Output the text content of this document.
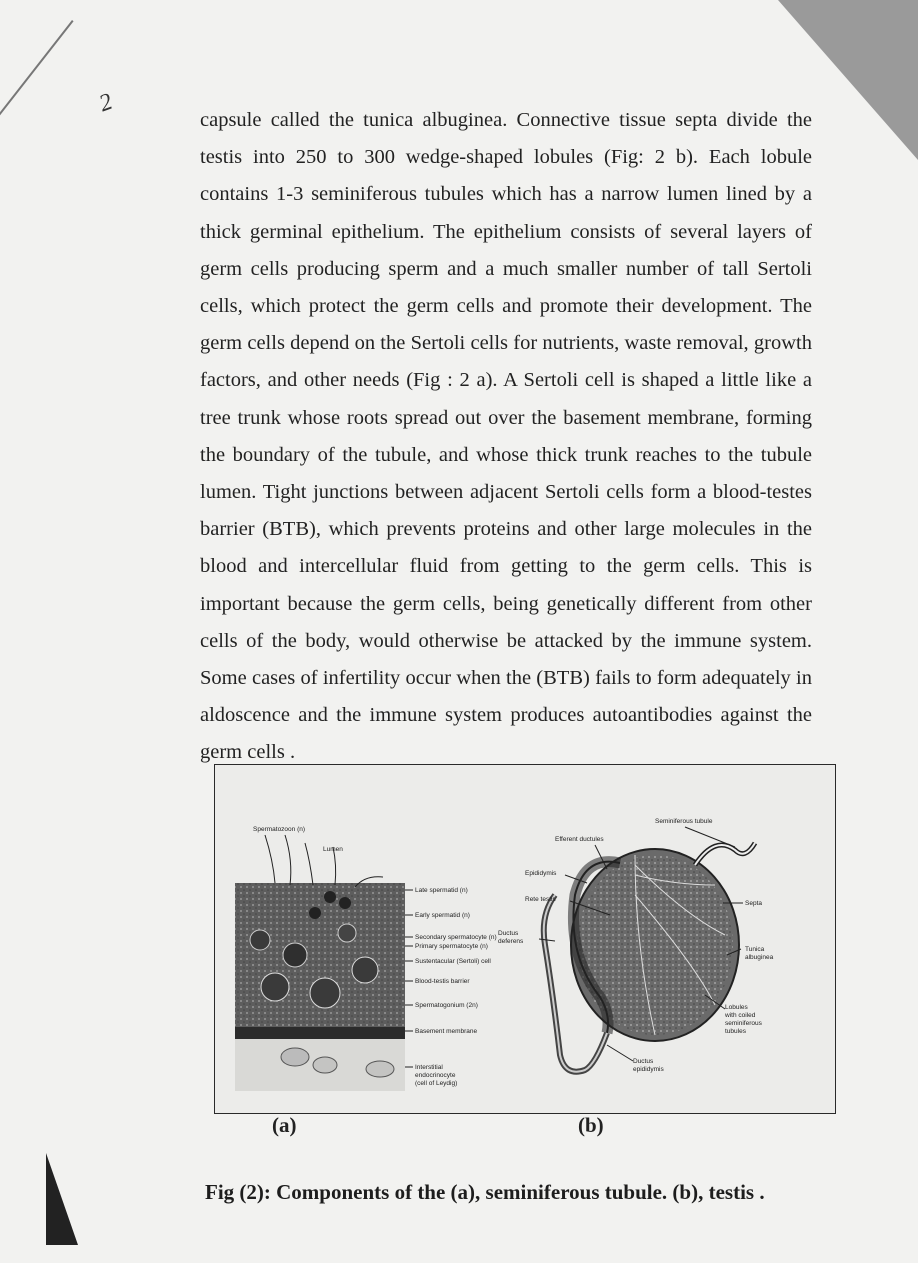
2

capsule called the tunica albuginea. Connective tissue septa divide the testis into 250 to 300 wedge-shaped lobules (Fig: 2 b). Each lobule contains 1-3 seminiferous tubules which has a narrow lumen lined by a thick germinal epithelium. The epithelium consists of several layers of germ cells producing sperm and a much smaller number of tall Sertoli cells, which protect the germ cells and promote their development. The germ cells depend on the Sertoli cells for nutrients, waste removal, growth factors, and other needs (Fig : 2 a). A Sertoli cell is shaped a little like a tree trunk whose roots spread out over the basement membrane, forming the boundary of the tubule, and whose thick trunk reaches to the tubule lumen. Tight junctions between adjacent Sertoli cells form a blood-testes barrier (BTB), which prevents proteins and other large molecules in the blood and intercellular fluid from getting to the germ cells. This is important because the germ cells, being genetically different from other cells of the body, would otherwise be attacked by the immune system. Some cases of infertility occur when the (BTB) fails to form adequately in aldoscence and the immune system produces autoantibodies against the germ cells .

Spermatozoon (n)
Lumen
Late spermatid (n)
Early spermatid (n)
Secondary spermatocyte (n)
Primary spermatocyte (n)
Sustentacular (Sertoli) cell
Blood-testis barrier
Spermatogonium (2n)
Basement membrane
Interstitial
endocrinocyte
(cell of Leydig)
Seminiferous tubule
Efferent ductules
Epididymis
Rete testis
Septa
Ductus
deferens
Tunica
albuginea
Lobules
with coiled
seminiferous
tubules
Ductus
epididymis
(a)	(b)

Fig (2): Components of the (a), seminiferous tubule. (b), testis .
